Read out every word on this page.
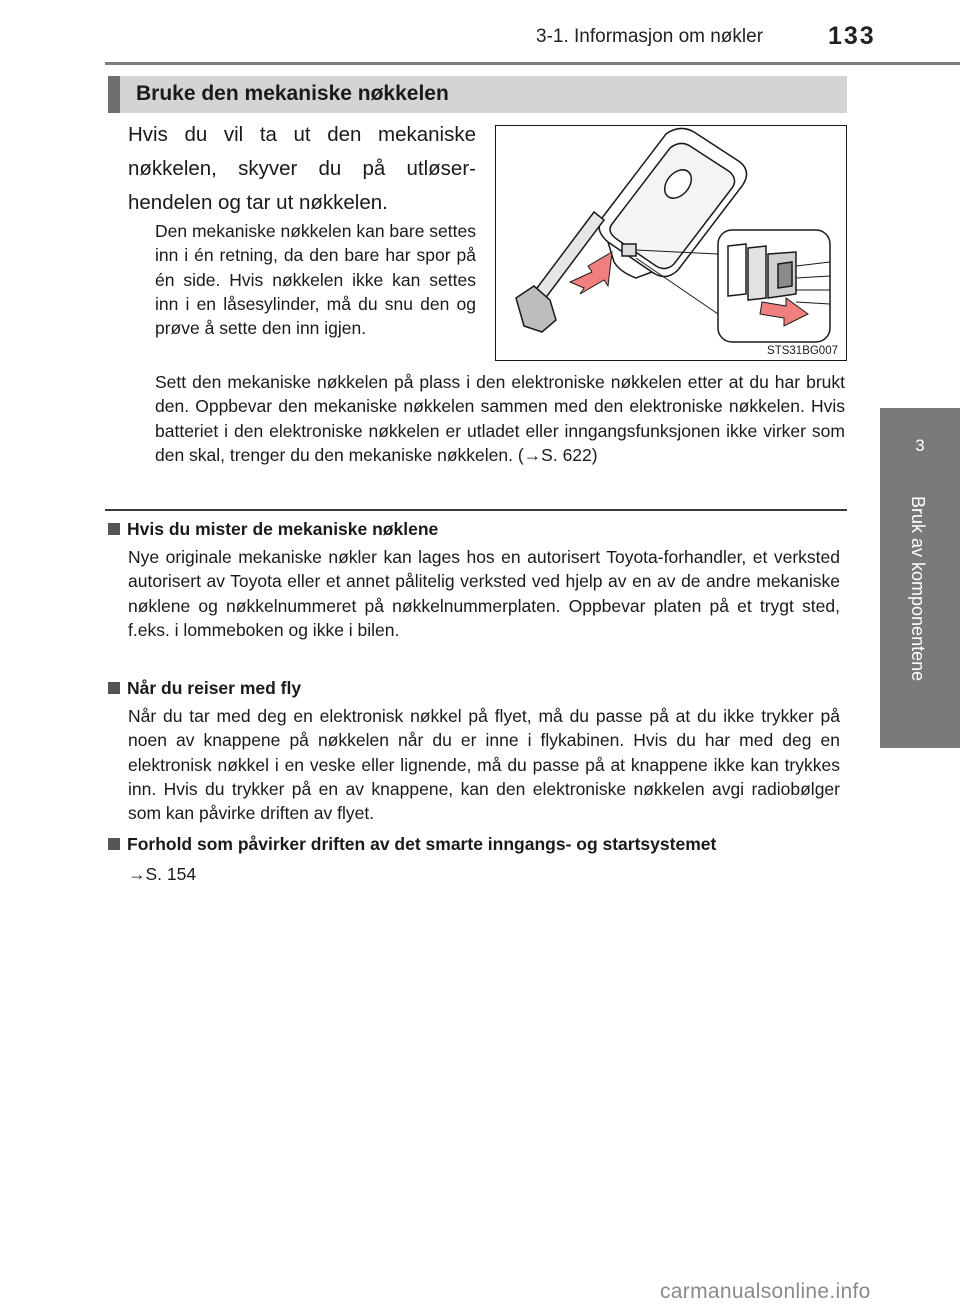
3-1. Informasjon om nøkler	133
3
Bruk av komponentene
Bruke den mekaniske nøkkelen

Hvis du vil ta ut den mekaniske nøkkelen, skyver du på utløserhendelen og tar ut nøkkelen.

Den mekaniske nøkkelen kan bare settes inn i én retning, da den bare har spor på én side. Hvis nøkkelen ikke kan settes inn i en låsesylinder, må du snu den og prøve å sette den inn igjen.

STS31BG007

Sett den mekaniske nøkkelen på plass i den elektroniske nøkkelen etter at du har brukt den. Oppbevar den mekaniske nøkkelen sammen med den elektroniske nøkkelen. Hvis batteriet i den elektroniske nøkkelen er utladet eller inngangsfunksjonen ikke virker som den skal, trenger du den mekaniske nøkkelen. (→S. 622)

Hvis du mister de mekaniske nøklene

Nye originale mekaniske nøkler kan lages hos en autorisert Toyota-forhandler, et verksted autorisert av Toyota eller et annet pålitelig verksted ved hjelp av en av de andre mekaniske nøklene og nøkkelnummeret på nøkkelnummerplaten. Oppbevar platen på et trygt sted, f.eks. i lommeboken og ikke i bilen.

Når du reiser med fly

Når du tar med deg en elektronisk nøkkel på flyet, må du passe på at du ikke trykker på noen av knappene på nøkkelen når du er inne i flykabinen. Hvis du har med deg en elektronisk nøkkel i en veske eller lignende, må du passe på at knappene ikke kan trykkes inn. Hvis du trykker på en av knappene, kan den elektroniske nøkkelen avgi radiobølger som kan påvirke driften av flyet.

Forhold som påvirker driften av det smarte inngangs- og startsystemet
→S. 154
carmanualsonline.info
